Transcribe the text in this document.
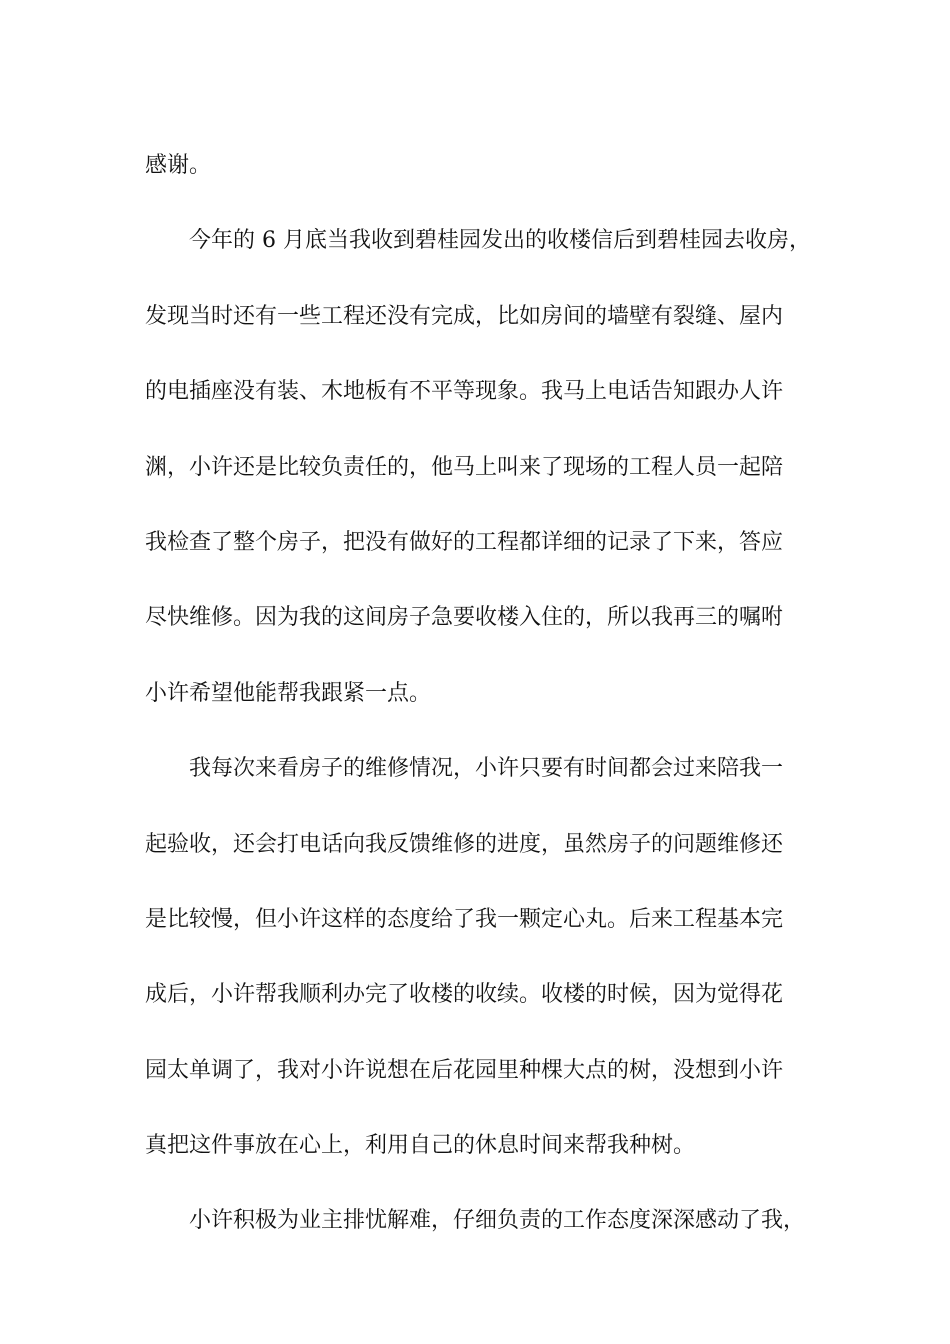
感谢。
今年的 6 月底当我收到碧桂园发出的收楼信后到碧桂园去收房，
发现当时还有一些工程还没有完成，比如房间的墙壁有裂缝、屋内
的电插座没有装、木地板有不平等现象。我马上电话告知跟办人许
渊，小许还是比较负责任的，他马上叫来了现场的工程人员一起陪
我检查了整个房子，把没有做好的工程都详细的记录了下来，答应
尽快维修。因为我的这间房子急要收楼入住的，所以我再三的嘱咐
小许希望他能帮我跟紧一点。
我每次来看房子的维修情况，小许只要有时间都会过来陪我一
起验收，还会打电话向我反馈维修的进度，虽然房子的问题维修还
是比较慢，但小许这样的态度给了我一颗定心丸。后来工程基本完
成后，小许帮我顺利办完了收楼的收续。收楼的时候，因为觉得花
园太单调了，我对小许说想在后花园里种棵大点的树，没想到小许
真把这件事放在心上，利用自己的休息时间来帮我种树。
小许积极为业主排忧解难，仔细负责的工作态度深深感动了我，
